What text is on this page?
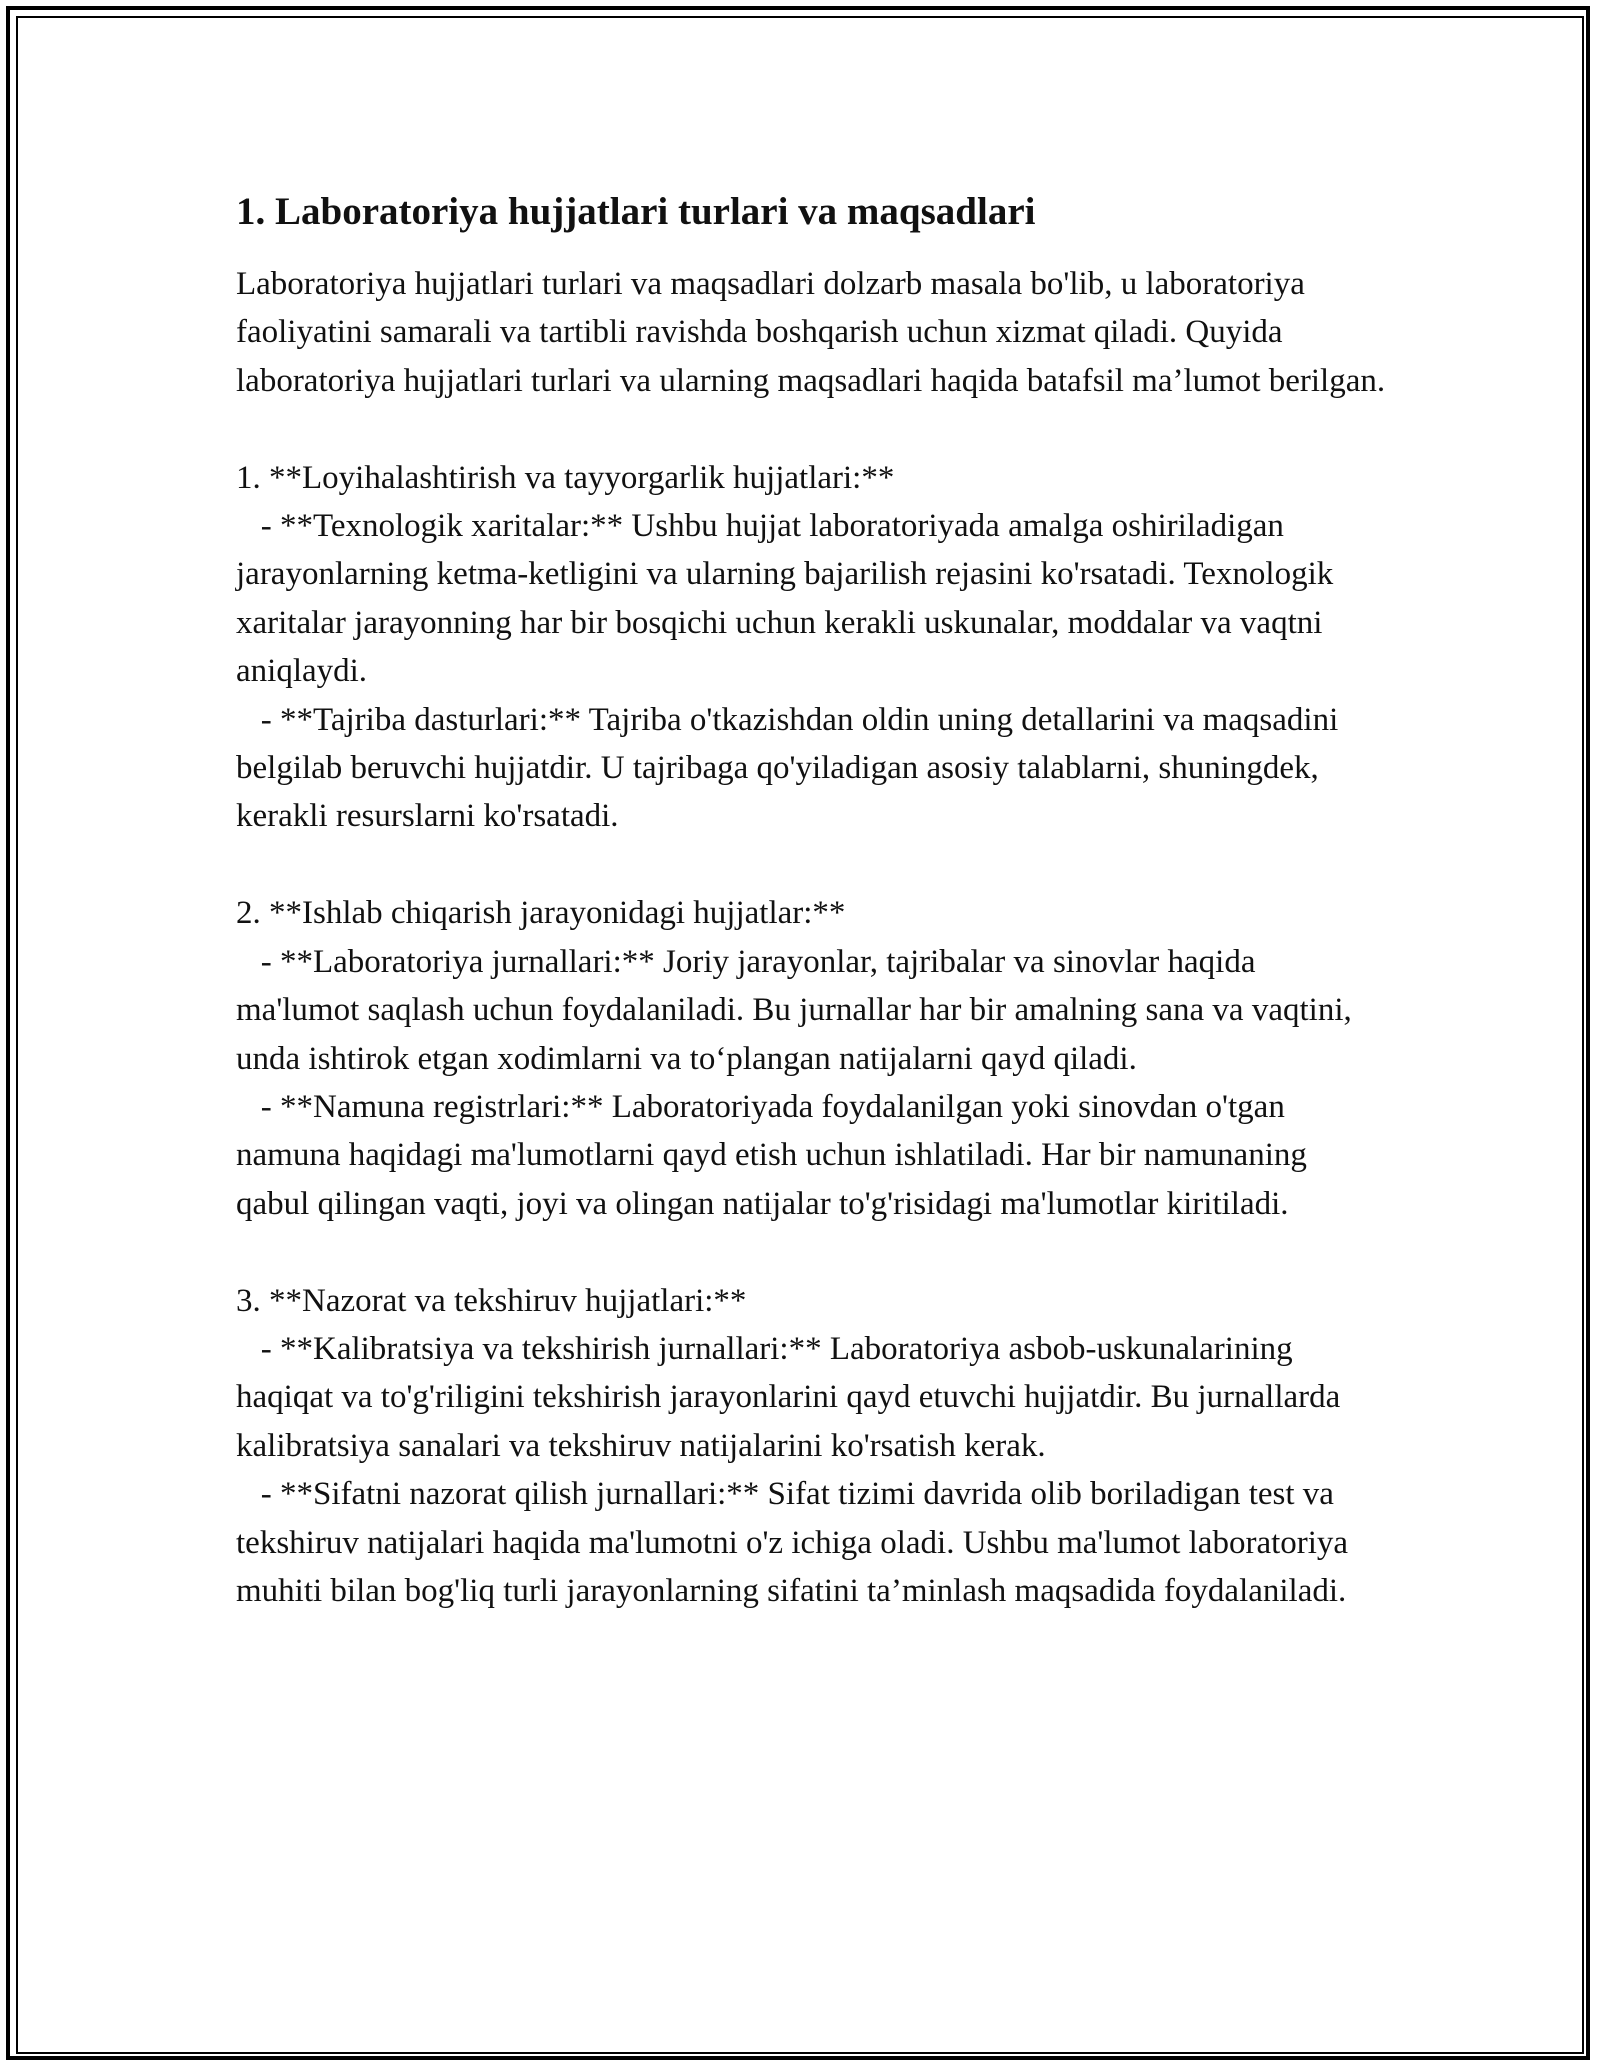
1. Laboratoriya hujjatlari turlari va maqsadlari

Laboratoriya hujjatlari turlari va maqsadlari dolzarb masala bo'lib, u laboratoriya faoliyatini samarali va tartibli ravishda boshqarish uchun xizmat qiladi. Quyida laboratoriya hujjatlari turlari va ularning maqsadlari haqida batafsil ma’lumot berilgan.

1. **Loyihalashtirish va tayyorgarlik hujjatlari:**
- **Texnologik xaritalar:** Ushbu hujjat laboratoriyada amalga oshiriladigan jarayonlarning ketma-ketligini va ularning bajarilish rejasini ko'rsatadi. Texnologik xaritalar jarayonning har bir bosqichi uchun kerakli uskunalar, moddalar va vaqtni aniqlaydi.
- **Tajriba dasturlari:** Tajriba o'tkazishdan oldin uning detallarini va maqsadini belgilab beruvchi hujjatdir. U tajribaga qo'yiladigan asosiy talablarni, shuningdek, kerakli resurslarni ko'rsatadi.

2. **Ishlab chiqarish jarayonidagi hujjatlar:**
- **Laboratoriya jurnallari:** Joriy jarayonlar, tajribalar va sinovlar haqida ma'lumot saqlash uchun foydalaniladi. Bu jurnallar har bir amalning sana va vaqtini, unda ishtirok etgan xodimlarni va to‘plangan natijalarni qayd qiladi.
- **Namuna registrlari:** Laboratoriyada foydalanilgan yoki sinovdan o'tgan namuna haqidagi ma'lumotlarni qayd etish uchun ishlatiladi. Har bir namunaning qabul qilingan vaqti, joyi va olingan natijalar to'g'risidagi ma'lumotlar kiritiladi.

3. **Nazorat va tekshiruv hujjatlari:**
- **Kalibratsiya va tekshirish jurnallari:** Laboratoriya asbob-uskunalarining haqiqat va to'g'riligini tekshirish jarayonlarini qayd etuvchi hujjatdir. Bu jurnallarda kalibratsiya sanalari va tekshiruv natijalarini ko'rsatish kerak.
- **Sifatni nazorat qilish jurnallari:** Sifat tizimi davrida olib boriladigan test va tekshiruv natijalari haqida ma'lumotni o'z ichiga oladi. Ushbu ma'lumot laboratoriya muhiti bilan bog'liq turli jarayonlarning sifatini ta’minlash maqsadida foydalaniladi.
